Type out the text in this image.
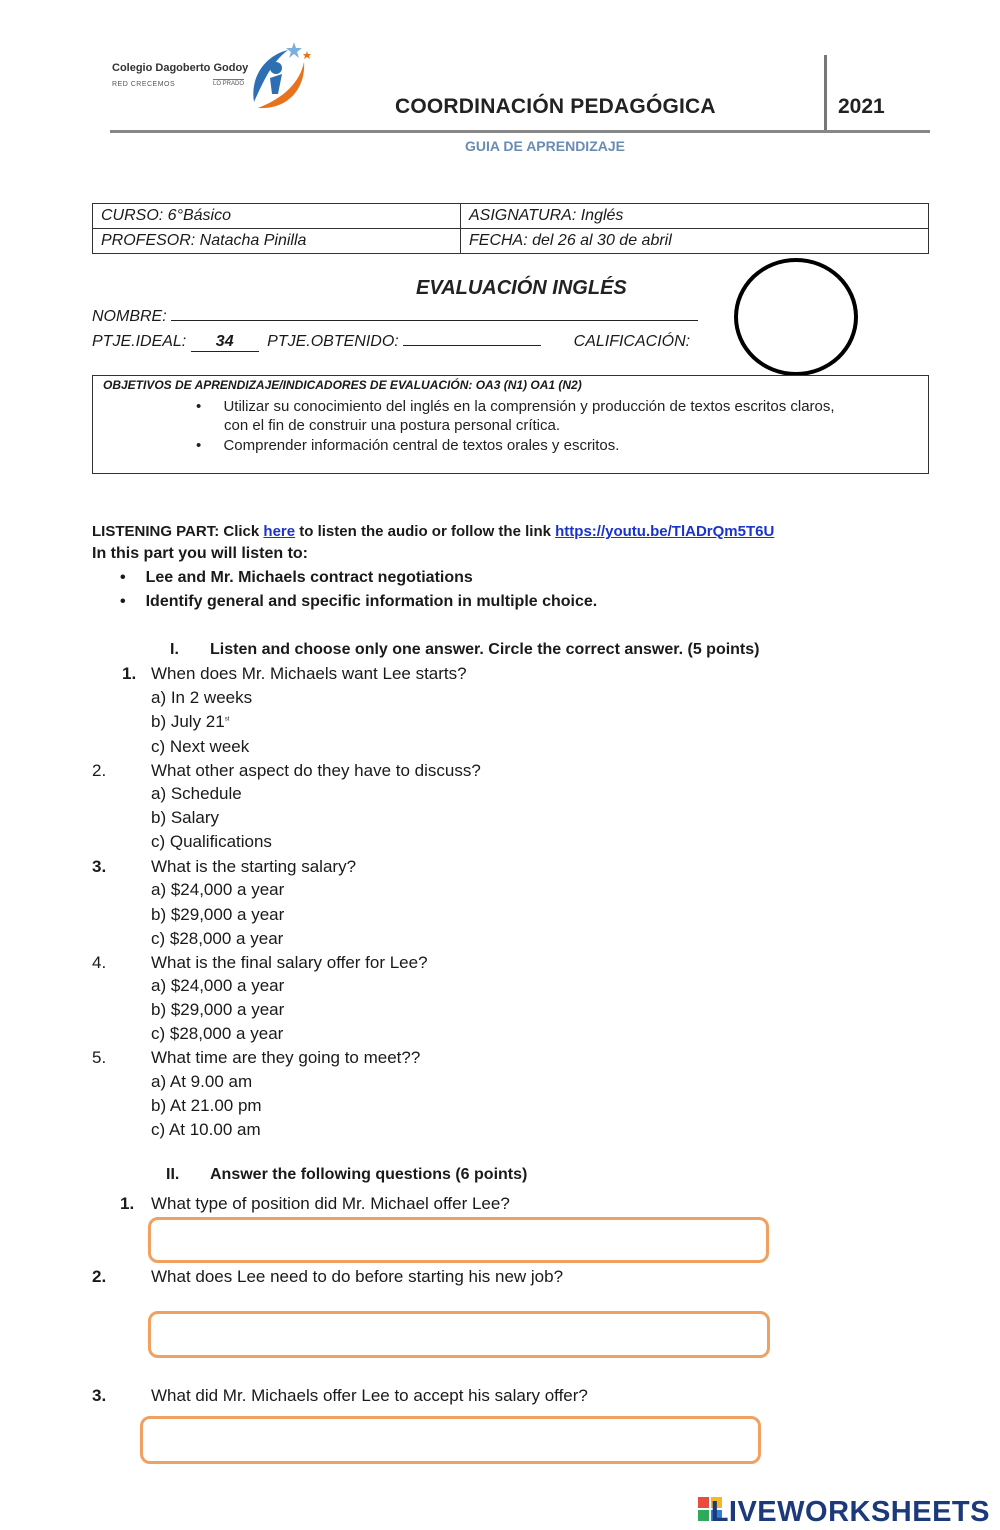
Colegio Dagoberto Godoy
RED CRECEMOS	LO PRADO
COORDINACIÓN PEDAGÓGICA	2021
GUIA DE APRENDIZAJE
CURSO: 6°Básico	ASIGNATURA: Inglés
PROFESOR: Natacha Pinilla	FECHA: del 26 al 30 de abril
EVALUACIÓN INGLÉS
NOMBRE:
PTJE.IDEAL: 34 PTJE.OBTENIDO:	CALIFICACIÓN:
OBJETIVOS DE APRENDIZAJE/INDICADORES DE EVALUACIÓN: OA3 (N1) OA1 (N2)
• Utilizar su conocimiento del inglés en la comprensión y producción de textos escritos claros,
con el fin de construir una postura personal crítica.
• Comprender información central de textos orales y escritos.
LISTENING PART: Click here to listen the audio or follow the link https://youtu.be/TlADrQm5T6U
In this part you will listen to:
• Lee and Mr. Michaels contract negotiations
• Identify general and specific information in multiple choice.
I. Listen and choose only one answer. Circle the correct answer. (5 points)
1. When does Mr. Michaels want Lee starts?
a) In 2 weeks
b) July 21st
c) Next week
2.	What other aspect do they have to discuss?
a) Schedule
b) Salary
c) Qualifications
3.	What is the starting salary?
a) $24,000 a year
b) $29,000 a year
c) $28,000 a year
4.	What is the final salary offer for Lee?
a) $24,000 a year
b) $29,000 a year
c) $28,000 a year
5.	What time are they going to meet??
a) At 9.00 am
b) At 21.00 pm
c) At 10.00 am
II. Answer the following questions (6 points)
1. What type of position did Mr. Michael offer Lee?
2.	What does Lee need to do before starting his new job?
3.	What did Mr. Michaels offer Lee to accept his salary offer?
LIVEWORKSHEETS
